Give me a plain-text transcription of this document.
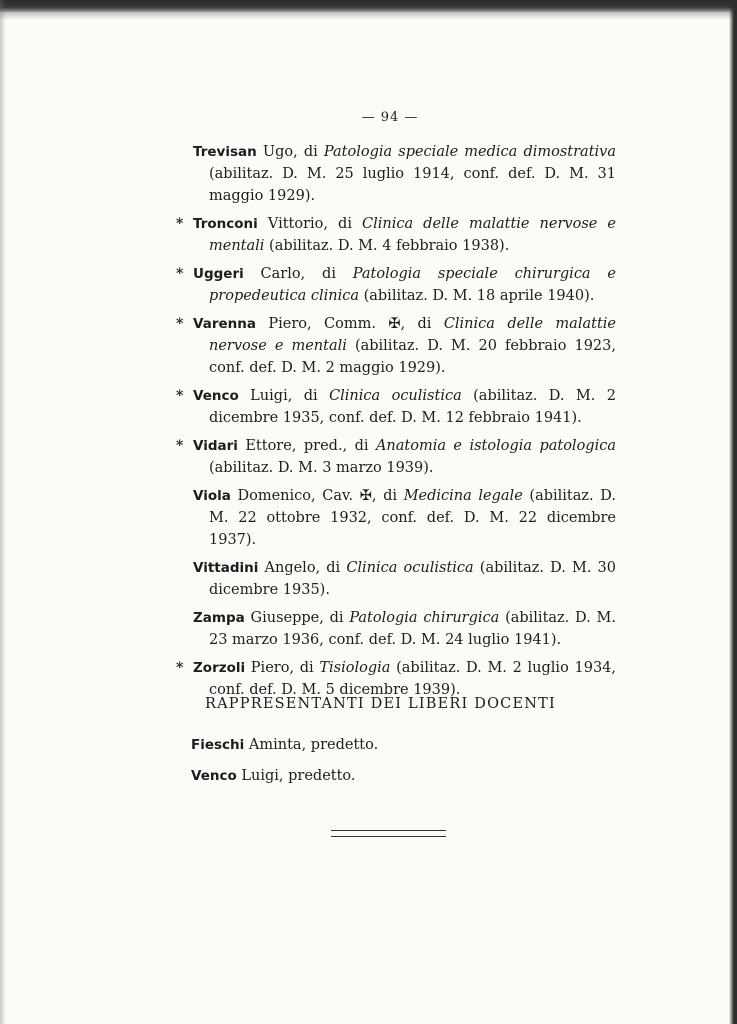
— 94 —
Trevisan Ugo, di Patologia speciale medica dimostrativa (abilitaz. D. M. 25 luglio 1914, conf. def. D. M. 31 maggio 1929).
* Tronconi Vittorio, di Clinica delle malattie nervose e mentali (abilitaz. D. M. 4 febbraio 1938).
* Uggeri Carlo, di Patologia speciale chirurgica e propedeutica clinica (abilitaz. D. M. 18 aprile 1940).
* Varenna Piero, Comm. ✠, di Clinica delle malattie nervose e mentali (abilitaz. D. M. 20 febbraio 1923, conf. def. D. M. 2 maggio 1929).
* Venco Luigi, di Clinica oculistica (abilitaz. D. M. 2 dicembre 1935, conf. def. D. M. 12 febbraio 1941).
* Vidari Ettore, pred., di Anatomia e istologia patologica (abilitaz. D. M. 3 marzo 1939).
Viola Domenico, Cav. ✠, di Medicina legale (abilitaz. D. M. 22 ottobre 1932, conf. def. D. M. 22 dicembre 1937).
Vittadini Angelo, di Clinica oculistica (abilitaz. D. M. 30 dicembre 1935).
Zampa Giuseppe, di Patologia chirurgica (abilitaz. D. M. 23 marzo 1936, conf. def. D. M. 24 luglio 1941).
* Zorzoli Piero, di Tisiologia (abilitaz. D. M. 2 luglio 1934, conf. def. D. M. 5 dicembre 1939).
RAPPRESENTANTI DEI LIBERI DOCENTI
Fieschi Aminta, predetto.
Venco Luigi, predetto.
